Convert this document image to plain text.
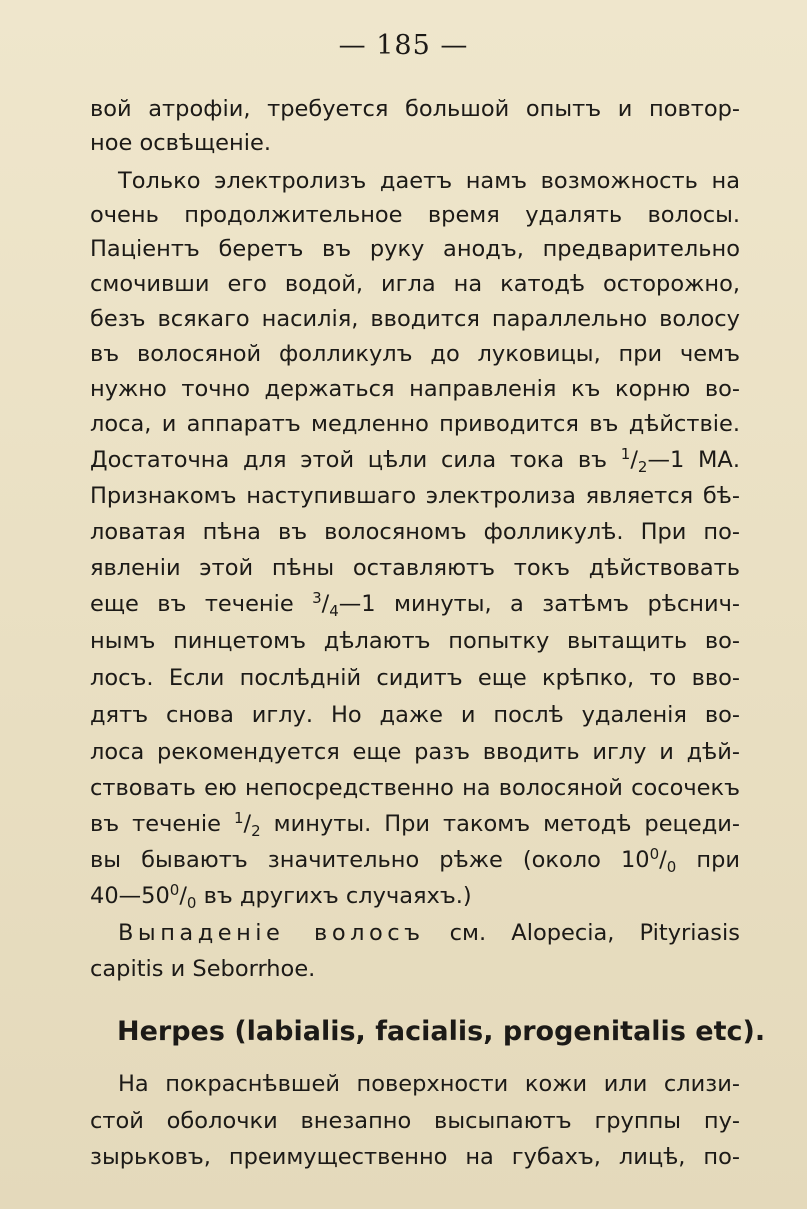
— 185 —
вой атрофіи, требуется большой опытъ и повтор-
ное освѣщеніе.
Только электролизъ даетъ намъ возможность на
очень продолжительное время удалять волосы.
Паціентъ беретъ въ руку анодъ, предварительно
смочивши его водой, игла на катодѣ осторожно,
безъ всякаго насилія, вводится параллельно волосу
въ волосяной фолликулъ до луковицы, при чемъ
нужно точно держаться направленія къ корню во-
лоса, и аппаратъ медленно приводится въ дѣйствіе.
Достаточна для этой цѣли сила тока въ $^1/_2—1$ МА.
Признакомъ наступившаго электролиза является бѣ-
ловатая пѣна въ волосяномъ фолликулѣ. При по-
явленіи этой пѣны оставляютъ токъ дѣйствовать
еще въ теченіе $^3/_4—1$ минуты, а затѣмъ рѣснич-
нымъ пинцетомъ дѣлаютъ попытку вытащить во-
лосъ. Если послѣдній сидитъ еще крѣпко, то вво-
дятъ снова иглу. Но даже и послѣ удаленія во-
лоса рекомендуется еще разъ вводить иглу и дѣй-
ствовать ею непосредственно на волосяной сосочекъ
въ теченіе $^1/_2$ минуты. При такомъ методѣ рецеди-
вы бываютъ значительно рѣже (около $10^0/_0$ при
$40—50^0/_0$ въ другихъ случаяхъ.)
Выпаденіе волосъ см. Alopecia, Pityriasis
capitis и Seborrhoe.
Herpes (labialis, facialis, progenitalis etc).
На покраснѣвшей поверхности кожи или слизи-
стой оболочки внезапно высыпаютъ группы пу-
зырьковъ, преимущественно на губахъ, лицѣ, по-
